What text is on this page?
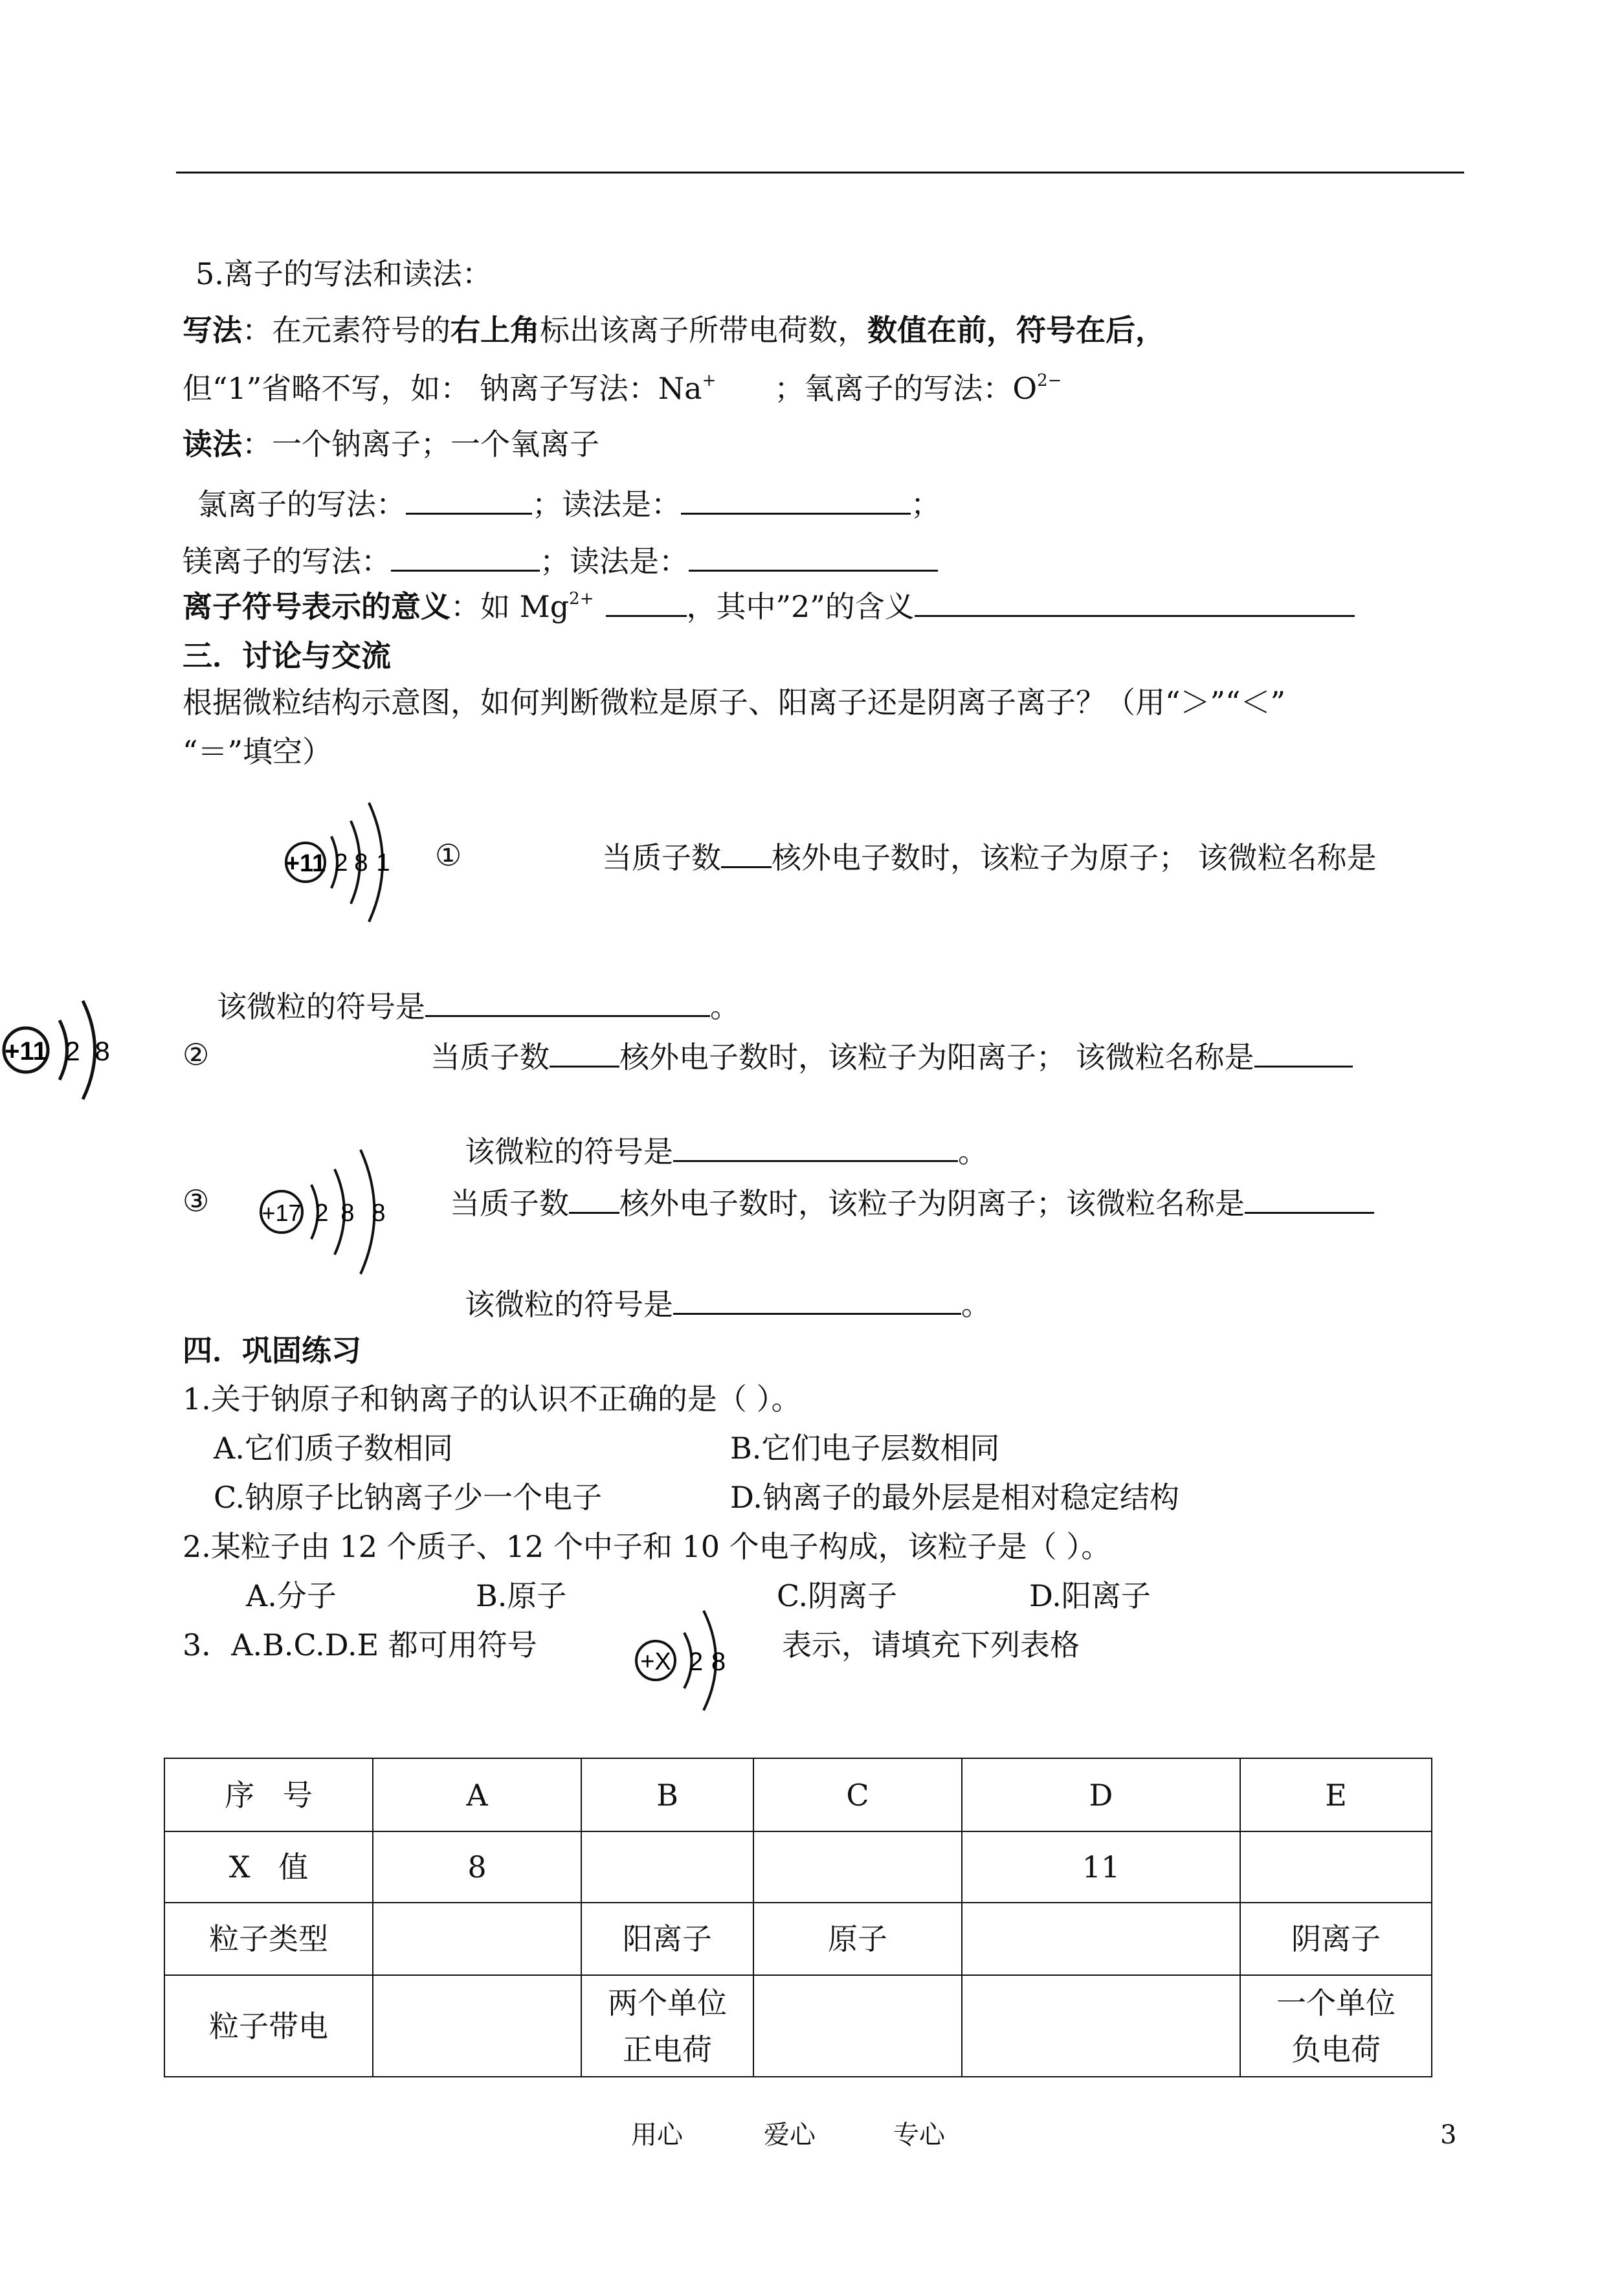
5.离子的写法和读法：
写法：在元素符号的右上角标出该离子所带电荷数，数值在前，符号在后，
但“1”省略不写，如： 钠离子写法：Na+ ；氧离子的写法：$O^{2-}$
读法：一个钠离子；一个氧离子
氯离子的写法：	；读法是：	；
镁离子的写法：	；读法是：
离子符号表示的意义：如 $Mg^{2+}$	，其中”2”的含义
三．讨论与交流
根据微粒结构示意图，如何判断微粒是原子、阳离子还是阴离子离子？（用“＞”“＜”
“＝”填空）
+11 2 8 1 ①	当质子数 核外电子数时，该粒子为原子； 该微粒名称是
该微粒的符号是	。
+11 2 8 ②	当质子数 核外电子数时，该粒子为阳离子； 该微粒名称是
该微粒的符号是	。
+17 2 8 8
③	当质子数 核外电子数时，该粒子为阴离子；该微粒名称是
该微粒的符号是	。
四．巩固练习
1.关于钠原子和钠离子的认识不正确的是（ ）。
A.它们质子数相同	B.它们电子层数相同
C.钠原子比钠离子少一个电子	D.钠离子的最外层是相对稳定结构
2.某粒子由 12 个质子、12 个中子和 10 个电子构成，该粒子是（ ）。
A.分子	B.原子	C.阴离子	D.阳离子
3．A.B.C.D.E 都可用符号	+X 2 8 表示，请填充下列表格
序   号	A	B	C	D	E
X   值	8			11	
粒子类型		阳离子	原子		阴离子
粒子带电		两个单位
正电荷			一个单位
负电荷
用心	爱心	专心	3
